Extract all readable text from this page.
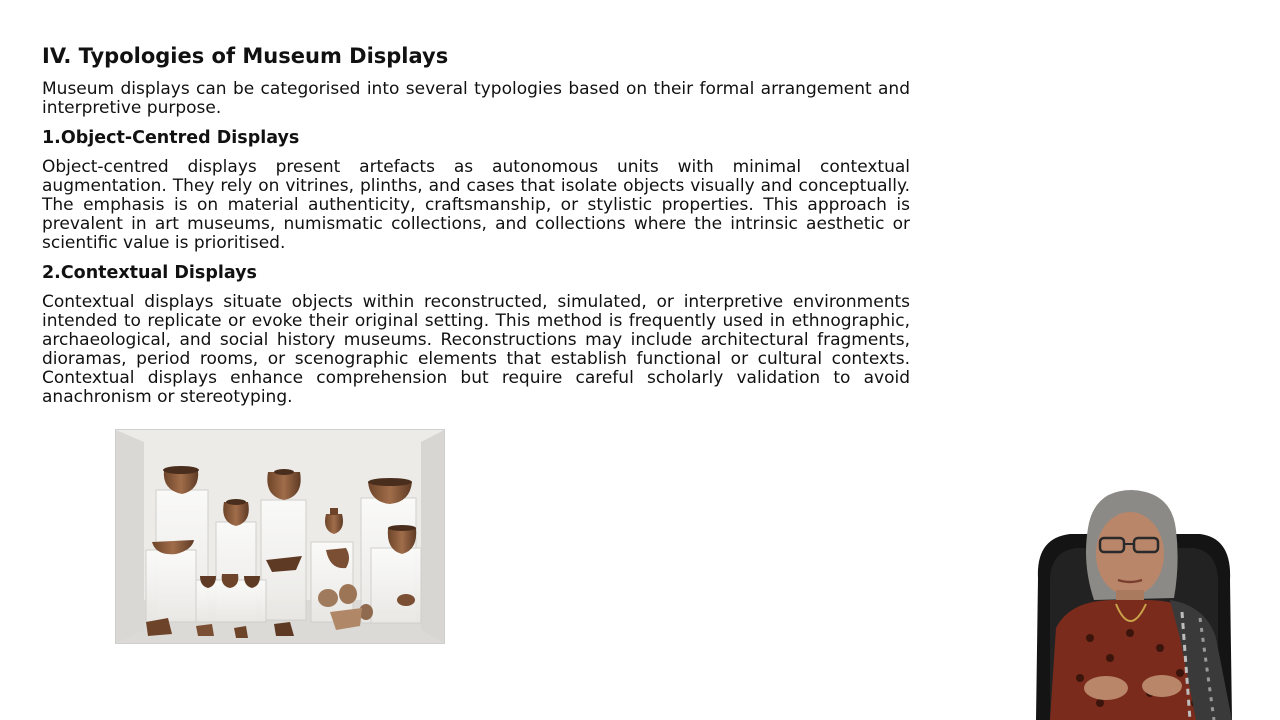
IV. Typologies of Museum Displays

Museum displays can be categorised into several typologies based on their formal arrangement and interpretive purpose.

1.Object-Centred Displays

Object-centred displays present artefacts as autonomous units with minimal contextual augmentation. They rely on vitrines, plinths, and cases that isolate objects visually and conceptually. The emphasis is on material authenticity, craftsmanship, or stylistic properties. This approach is prevalent in art museums, numismatic collections, and collections where the intrinsic aesthetic or scientific value is prioritised.

2.Contextual Displays

Contextual displays situate objects within reconstructed, simulated, or interpretive environments intended to replicate or evoke their original setting. This method is frequently used in ethnographic, archaeological, and social history museums. Reconstructions may include architectural fragments, dioramas, period rooms, or scenographic elements that establish functional or cultural contexts. Contextual displays enhance comprehension but require careful scholarly validation to avoid anachronism or stereotyping.
